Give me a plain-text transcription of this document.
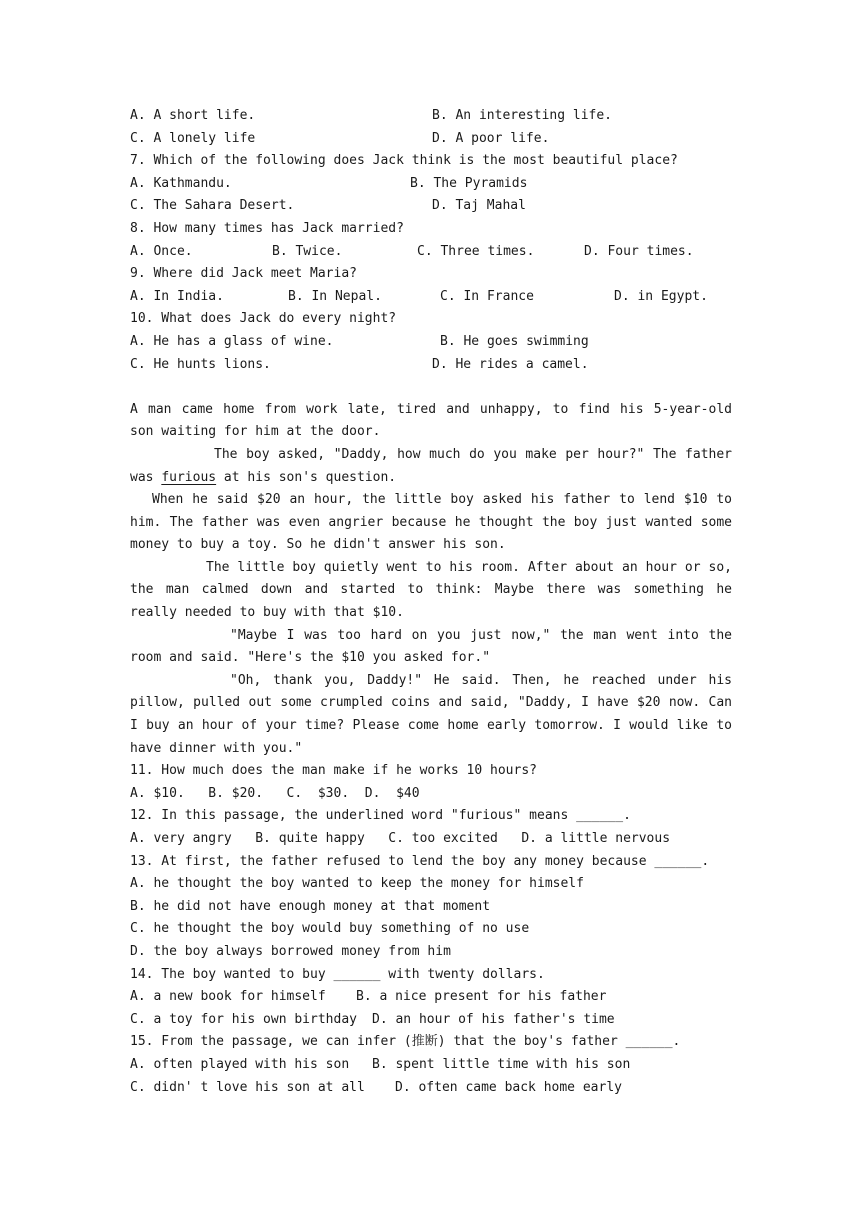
A. A short life.

	B. An interesting life.

C. A lonely life

	D. A poor life.

7. Which of the following does Jack think is the most beautiful place?

A. Kathmandu.

	B. The Pyramids

C. The Sahara Desert.

	D. Taj Mahal

8. How many times has Jack married?

A. Once.

	B. Twice.

	C. Three times.

	D. Four times.

9. Where did Jack meet Maria?

A. In India.

	B. In Nepal.

	C. In France

	D. in Egypt.

10. What does Jack do every night?

A. He has a glass of wine.

	B. He goes swimming

C. He hunts lions.

	D. He rides a camel.

A man came home from work late, tired and unhappy, to find his 5-year-old son waiting for him at the door.

The boy asked, "Daddy, how much do you make per hour?" The father was furious at his son's question.

When he said $20 an hour, the little boy asked his father to lend $10 to him. The father was even angrier because he thought the boy just wanted some money to buy a toy. So he didn't answer his son.

The little boy quietly went to his room. After about an hour or so, the man calmed down and started to think: Maybe there was something he really needed to buy with that $10.

"Maybe I was too hard on you just now," the man went into the room and said. "Here's the $10 you asked for."

"Oh, thank you, Daddy!" He said. Then, he reached under his pillow, pulled out some crumpled coins and said, "Daddy, I have $20 now. Can I buy an hour of your time? Please come home early tomorrow. I would like to have dinner with you."

11. How much does the man make if he works 10 hours?
A. $10.   B. $20.   C.  $30.  D.  $40
12. In this passage, the underlined word "furious" means ______.
A. very angry   B. quite happy   C. too excited   D. a little nervous
13. At first, the father refused to lend the boy any money because ______.
A. he thought the boy wanted to keep the money for himself
B. he did not have enough money at that moment
C. he thought the boy would buy something of no use
D. the boy always borrowed money from him
14. The boy wanted to buy ______ with twenty dollars.

A. a new book for himself

B. a nice present for his father

C. a toy for his own birthday

D. an hour of his father's time

15. From the passage, we can infer (推断) that the boy's father ______.

A. often played with his son

B. spent little time with his son

C. didn' t love his son at all

D. often came back home early
